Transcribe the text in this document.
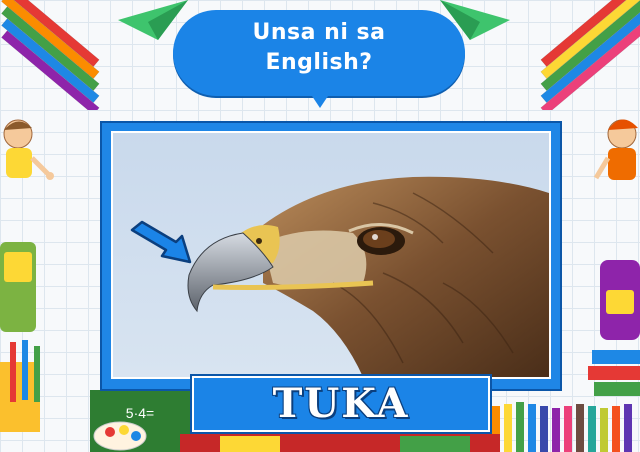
5·4=
Unsa ni sa
English?
TUKA
